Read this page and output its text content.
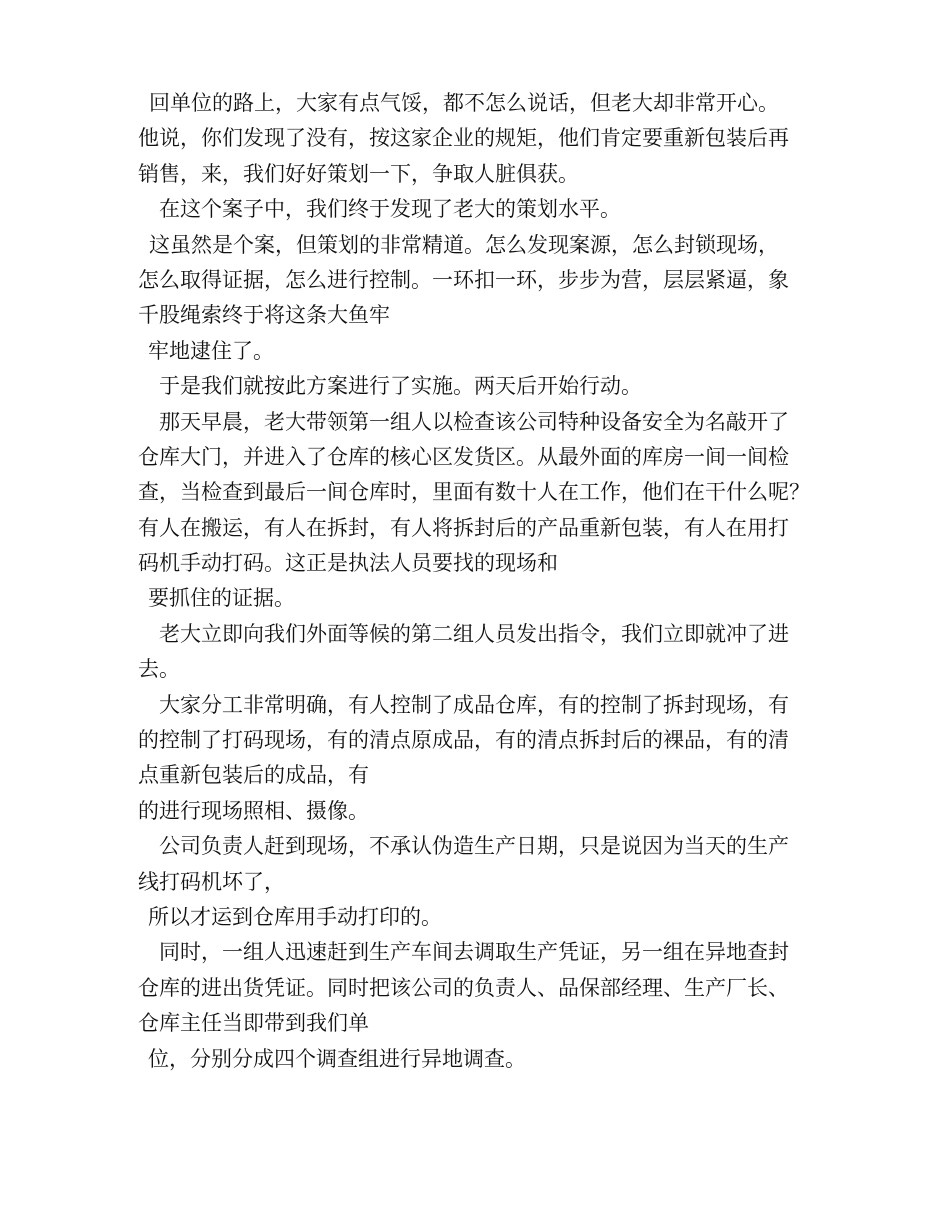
回单位的路上，大家有点气馁，都不怎么说话，但老大却非常开心。
他说，你们发现了没有，按这家企业的规矩，他们肯定要重新包装后再
销售，来，我们好好策划一下，争取人脏俱获。
在这个案子中，我们终于发现了老大的策划水平。
这虽然是个案，但策划的非常精道。怎么发现案源，怎么封锁现场，
怎么取得证据，怎么进行控制。一环扣一环，步步为营，层层紧逼，象
千股绳索终于将这条大鱼牢
牢地逮住了。
于是我们就按此方案进行了实施。两天后开始行动。
那天早晨，老大带领第一组人以检查该公司特种设备安全为名敲开了
仓库大门，并进入了仓库的核心区发货区。从最外面的库房一间一间检
查，当检查到最后一间仓库时，里面有数十人在工作，他们在干什么呢？
有人在搬运，有人在拆封，有人将拆封后的产品重新包装，有人在用打
码机手动打码。这正是执法人员要找的现场和
要抓住的证据。
老大立即向我们外面等候的第二组人员发出指令，我们立即就冲了进
去。
大家分工非常明确，有人控制了成品仓库，有的控制了拆封现场，有
的控制了打码现场，有的清点原成品，有的清点拆封后的裸品，有的清
点重新包装后的成品，有
的进行现场照相、摄像。
公司负责人赶到现场，不承认伪造生产日期，只是说因为当天的生产
线打码机坏了，
所以才运到仓库用手动打印的。
同时，一组人迅速赶到生产车间去调取生产凭证，另一组在异地查封
仓库的进出货凭证。同时把该公司的负责人、品保部经理、生产厂长、
仓库主任当即带到我们单
位，分别分成四个调查组进行异地调查。
